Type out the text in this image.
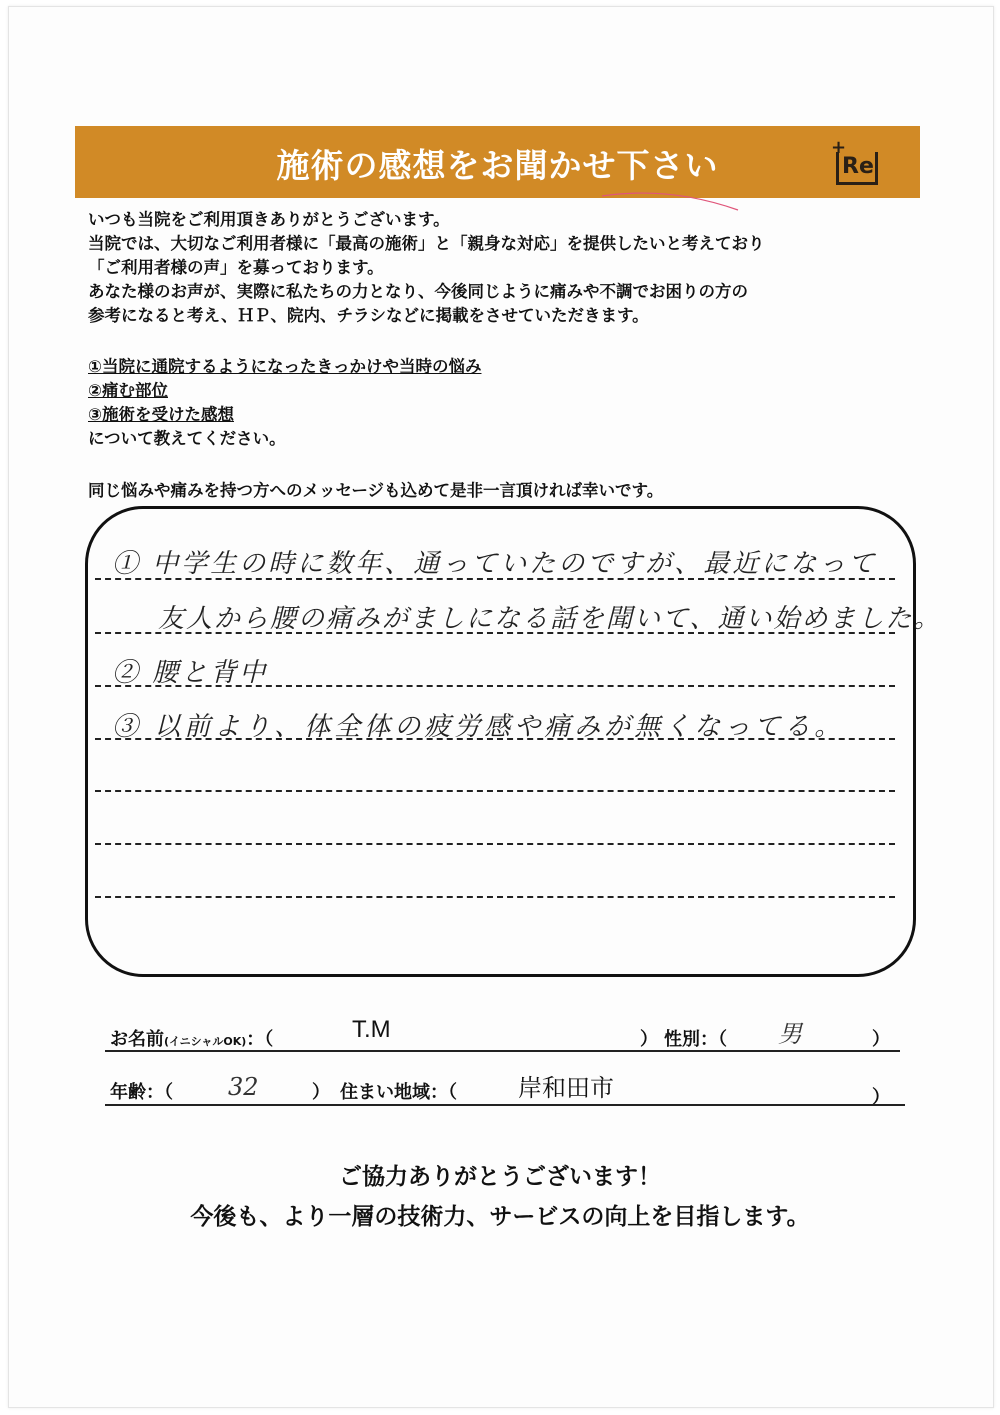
施術の感想をお聞かせ下さい	+
Re
いつも当院をご利用頂きありがとうございます。
当院では、大切なご利用者様に「最高の施術」と「親身な対応」を提供したいと考えており
「ご利用者様の声」を募っております。
あなた様のお声が、実際に私たちの力となり、今後同じように痛みや不調でお困りの方の
参考になると考え、ＨＰ、院内、チラシなどに掲載をさせていただきます。
①当院に通院するようになったきっかけや当時の悩み
②痛む部位
③施術を受けた感想
について教えてください。
同じ悩みや痛みを持つ方へのメッセージも込めて是非一言頂ければ幸いです。
① 中学生の時に数年、通っていたのですが、最近になって
友人から腰の痛みがましになる話を聞いて、通い始めました。
② 腰と背中
③ 以前より、体全体の疲労感や痛みが無くなってる。
お名前(イニシャルOK)：（	T.M	） 性別：（ 男	）
年齢：（ 32	） 住まい地域：（	岸和田市	）
ご協力ありがとうございます！
今後も、より一層の技術力、サービスの向上を目指します。
